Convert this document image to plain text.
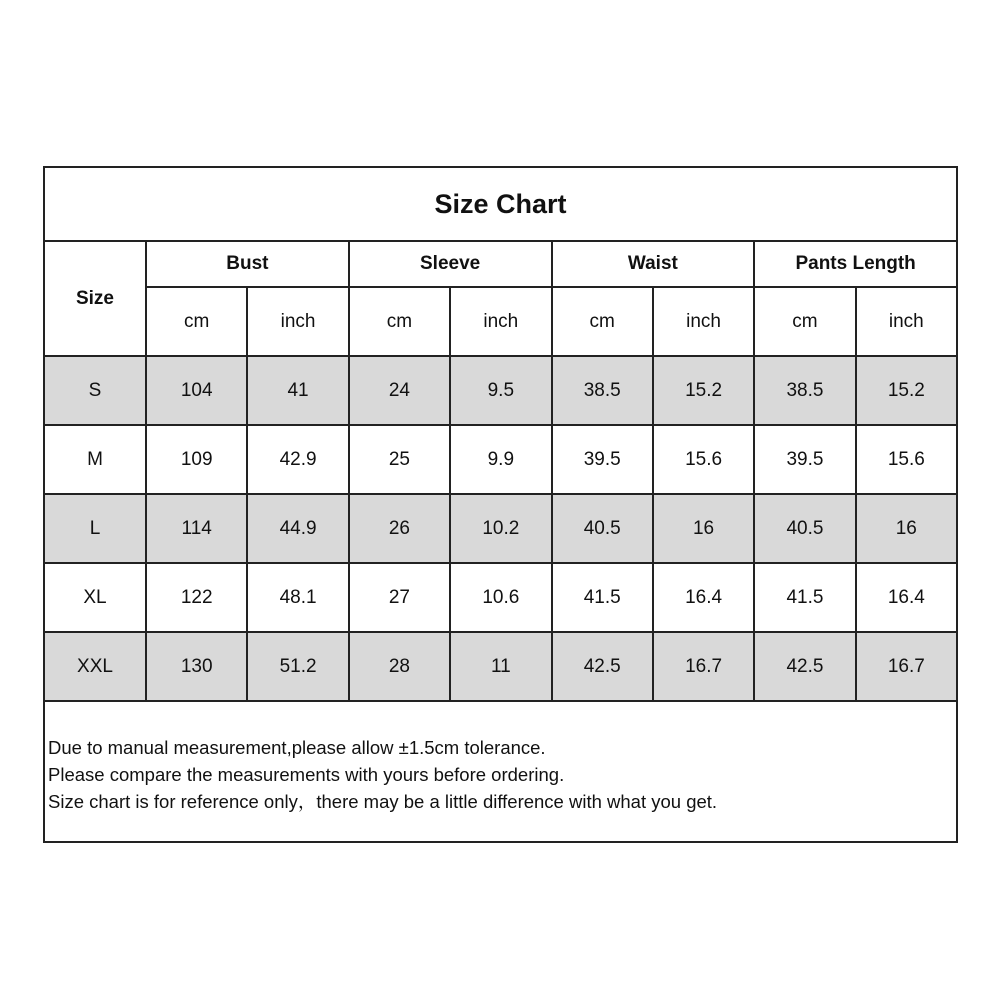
Size Chart								
Size	Bust		Sleeve		Waist		Pants Length	
	cm	inch	cm	inch	cm	inch	cm	inch
S	104	41	24	9.5	38.5	15.2	38.5	15.2
M	109	42.9	25	9.9	39.5	15.6	39.5	15.6
L	114	44.9	26	10.2	40.5	16	40.5	16
XL	122	48.1	27	10.6	41.5	16.4	41.5	16.4
XXL	130	51.2	28	11	42.5	16.7	42.5	16.7

Due to manual measurement,please allow ±1.5cm tolerance.
Please compare the measurements with yours before ordering.
Size chart is for reference only，there may be a little difference with what you get.								
